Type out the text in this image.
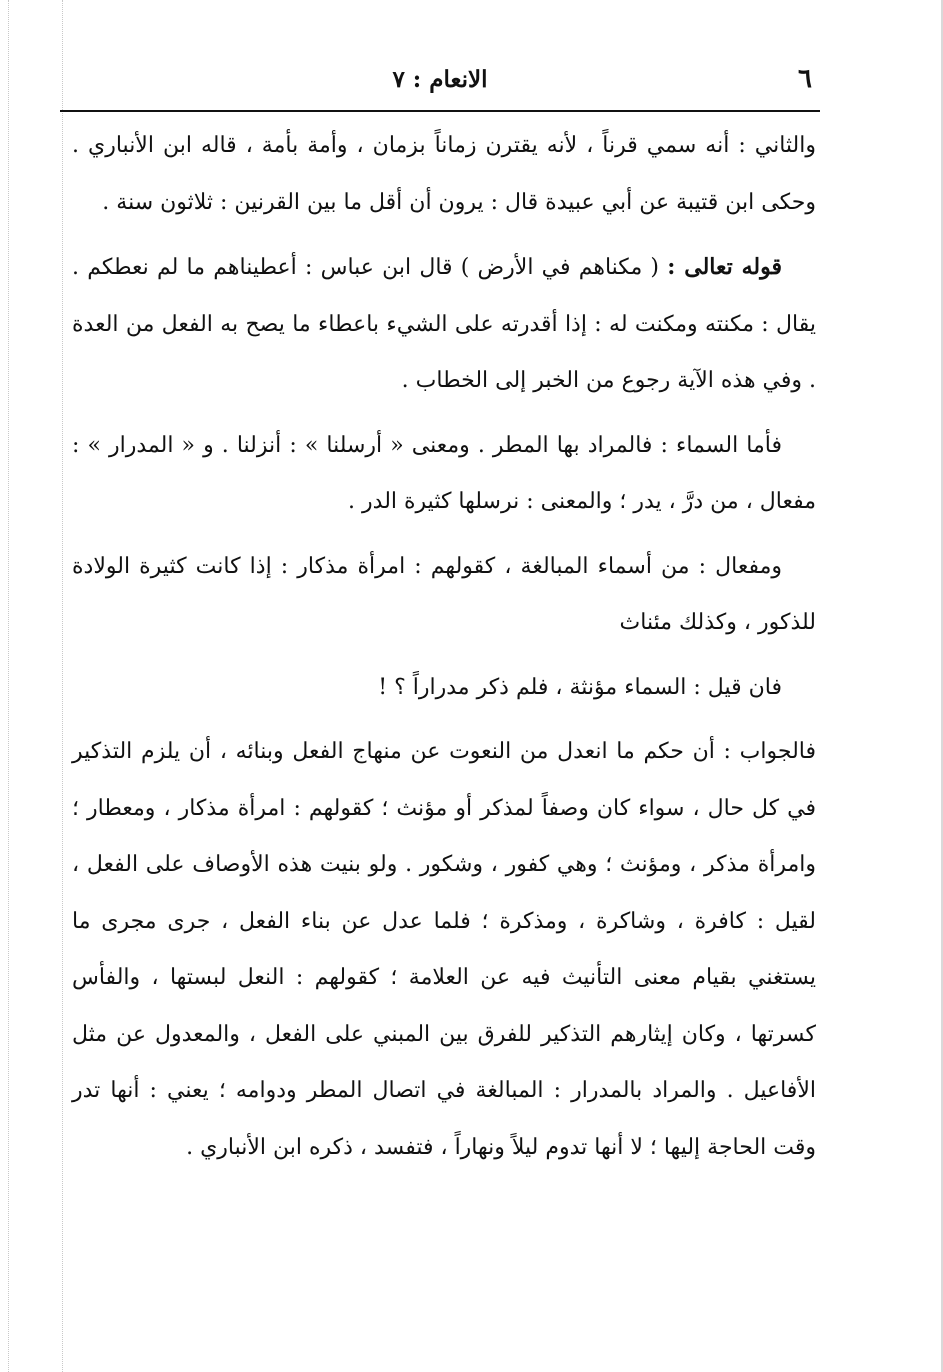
٦
الانعام : ٧

والثاني : أنه سمي قرناً ، لأنه يقترن زماناً بزمان ، وأمة بأمة ، قاله ابن الأنباري . وحكى ابن قتيبة عن أبي عبيدة قال : يرون أن أقل ما بين القرنين : ثلاثون سنة .

قوله تعالى : ( مكناهم في الأرض ) قال ابن عباس : أعطيناهم ما لم نعطكم . يقال : مكنته ومكنت له : إذا أقدرته على الشيء باعطاء ما يصح به الفعل من العدة . وفي هذه الآية رجوع من الخبر إلى الخطاب .

فأما السماء : فالمراد بها المطر . ومعنى « أرسلنا » : أنزلنا . و « المدرار » : مفعال ، من درَّ ، يدر ؛ والمعنى : نرسلها كثيرة الدر .

ومفعال : من أسماء المبالغة ، كقولهم : امرأة مذكار : إذا كانت كثيرة الولادة للذكور ، وكذلك مئناث

فان قيل : السماء مؤنثة ، فلم ذكر مدراراً ؟ !

فالجواب : أن حكم ما انعدل من النعوت عن منهاج الفعل وبنائه ، أن يلزم التذكير في كل حال ، سواء كان وصفاً لمذكر أو مؤنث ؛ كقولهم : امرأة مذكار ، ومعطار ؛ وامرأة مذكر ، ومؤنث ؛ وهي كفور ، وشكور . ولو بنيت هذه الأوصاف على الفعل ، لقيل : كافرة ، وشاكرة ، ومذكرة ؛ فلما عدل عن بناء الفعل ، جرى مجرى ما يستغني بقيام معنى التأنيث فيه عن العلامة ؛ كقولهم : النعل لبستها ، والفأس كسرتها ، وكان إيثارهم التذكير للفرق بين المبني على الفعل ، والمعدول عن مثل الأفاعيل . والمراد بالمدرار : المبالغة في اتصال المطر ودوامه ؛ يعني : أنها تدر وقت الحاجة إليها ؛ لا أنها تدوم ليلاً ونهاراً ، فتفسد ، ذكره ابن الأنباري .
